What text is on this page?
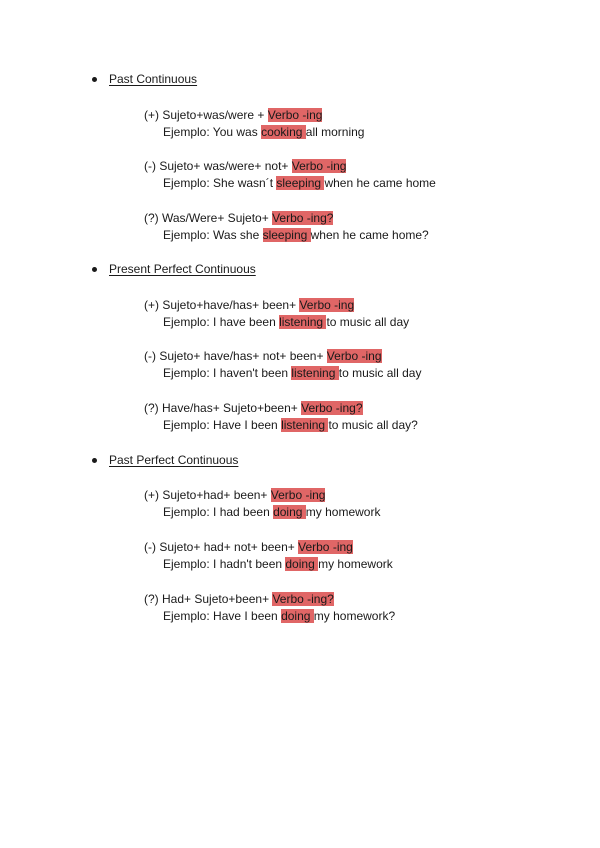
Past Continuous
(+) Sujeto+was/were + Verbo -ing
Ejemplo: You was cooking all morning
(-) Sujeto+ was/were+ not+ Verbo -ing
Ejemplo: She wasn´t sleeping when he came home
(?) Was/Were+ Sujeto+ Verbo -ing?
Ejemplo: Was she sleeping when he came home?
Present Perfect Continuous
(+) Sujeto+have/has+ been+ Verbo -ing
Ejemplo: I have been listening to music all day
(-) Sujeto+ have/has+ not+ been+ Verbo -ing
Ejemplo: I haven't been listening to music all day
(?) Have/has+ Sujeto+been+ Verbo -ing?
Ejemplo: Have I been listening to music all day?
Past Perfect Continuous
(+) Sujeto+had+ been+ Verbo -ing
Ejemplo: I had been doing my homework
(-) Sujeto+ had+ not+ been+ Verbo -ing
Ejemplo: I hadn't been doing my homework
(?) Had+ Sujeto+been+ Verbo -ing?
Ejemplo: Have I been doing my homework?
